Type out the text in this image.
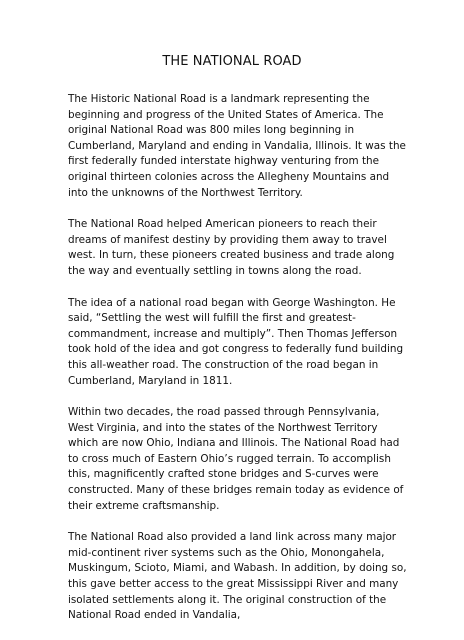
THE NATIONAL ROAD

The Historic National Road is a landmark representing the beginning and progress of the United States of America. The original National Road was 800 miles long beginning in Cumberland, Maryland and ending in Vandalia, Illinois. It was the first federally funded interstate highway venturing from the original thirteen colonies across the Allegheny Mountains and into the unknowns of the Northwest Territory.

The National Road helped American pioneers to reach their dreams of manifest destiny by providing them away to travel west. In turn, these pioneers created business and trade along the way and eventually settling in towns along the road.

The idea of a national road began with George Washington. He said, “Settling the west will fulfill the first and greatest-commandment, increase and multiply”. Then Thomas Jefferson took hold of the idea and got congress to federally fund building this all-weather road. The construction of the road began in Cumberland, Maryland in 1811.

Within two decades, the road passed through Pennsylvania, West Virginia, and into the states of the Northwest Territory which are now Ohio, Indiana and Illinois. The National Road had to cross much of Eastern Ohio’s rugged terrain. To accomplish this, magnificently crafted stone bridges and S-curves were constructed. Many of these bridges remain today as evidence of their extreme craftsmanship.

The National Road also provided a land link across many major mid-continent river systems such as the Ohio, Monongahela, Muskingum, Scioto, Miami, and Wabash. In addition, by doing so, this gave better access to the great Mississippi River and many isolated settlements along it. The original construction of the National Road ended in Vandalia,
